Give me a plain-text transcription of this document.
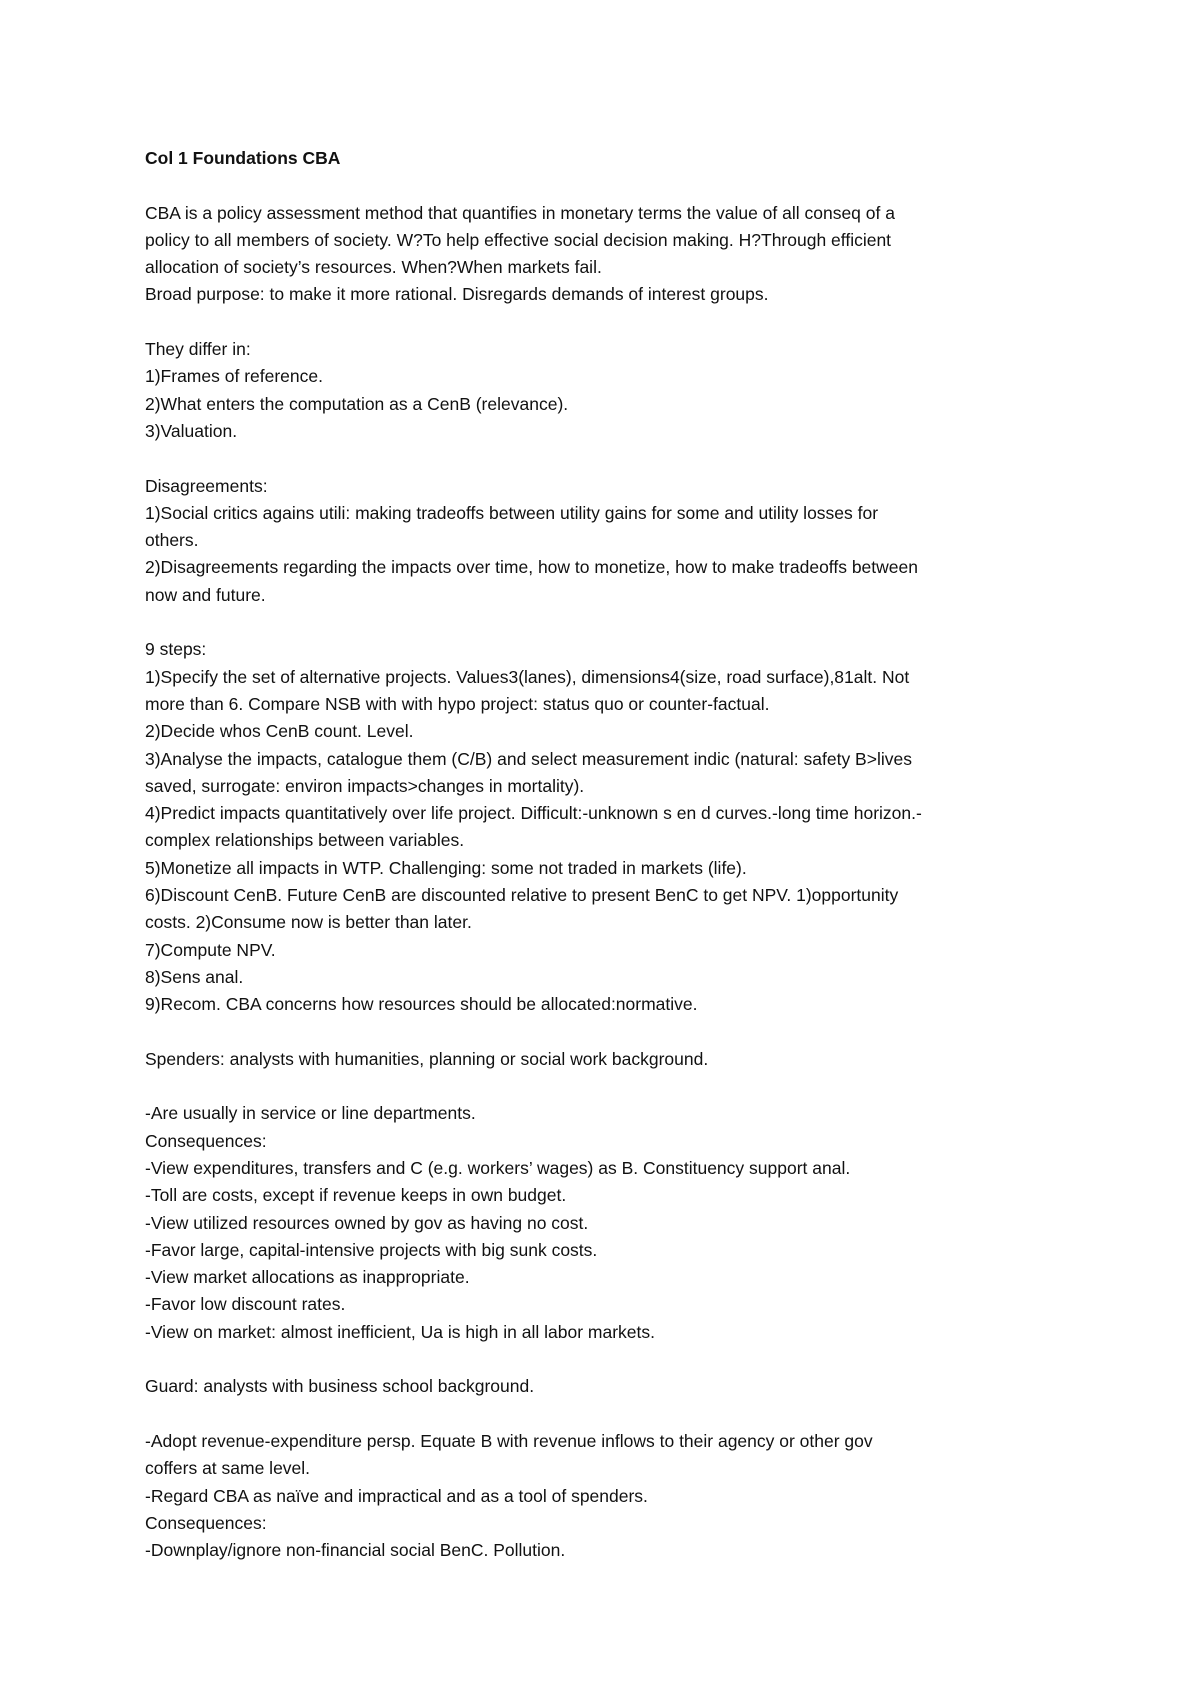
Col 1 Foundations CBA
CBA is a policy assessment method that quantifies in monetary terms the value of all conseq of a
policy to all members of society. W?To help effective social decision making. H?Through efficient
allocation of society’s resources. When?When markets fail.
Broad purpose: to make it more rational. Disregards demands of interest groups.
They differ in:
1)Frames of reference.
2)What enters the computation as a CenB (relevance).
3)Valuation.
Disagreements:
1)Social critics agains utili: making tradeoffs between utility gains for some and utility losses for
others.
2)Disagreements regarding the impacts over time, how to monetize, how to make tradeoffs between
now and future.
9 steps:
1)Specify the set of alternative projects. Values3(lanes), dimensions4(size, road surface),81alt. Not
more than 6. Compare NSB with with hypo project: status quo or counter-factual.
2)Decide whos CenB count. Level.
3)Analyse the impacts, catalogue them (C/B) and select measurement indic (natural: safety B>lives
saved, surrogate: environ impacts>changes in mortality).
4)Predict impacts quantitatively over life project. Difficult:-unknown s en d curves.-long time horizon.-
complex relationships between variables.
5)Monetize all impacts in WTP. Challenging: some not traded in markets (life).
6)Discount CenB. Future CenB are discounted relative to present BenC to get NPV. 1)opportunity
costs. 2)Consume now is better than later.
7)Compute NPV.
8)Sens anal.
9)Recom. CBA concerns how resources should be allocated:normative.
Spenders: analysts with humanities, planning or social work background.
-Are usually in service or line departments.
Consequences:
-View expenditures, transfers and C (e.g. workers’ wages) as B. Constituency support anal.
-Toll are costs, except if revenue keeps in own budget.
-View utilized resources owned by gov as having no cost.
-Favor large, capital-intensive projects with big sunk costs.
-View market allocations as inappropriate.
-Favor low discount rates.
-View on market: almost inefficient, Ua is high in all labor markets.
Guard: analysts with business school background.
-Adopt revenue-expenditure persp. Equate B with revenue inflows to their agency or other gov
coffers at same level.
-Regard CBA as naïve and impractical and as a tool of spenders.
Consequences:
-Downplay/ignore non-financial social BenC. Pollution.
